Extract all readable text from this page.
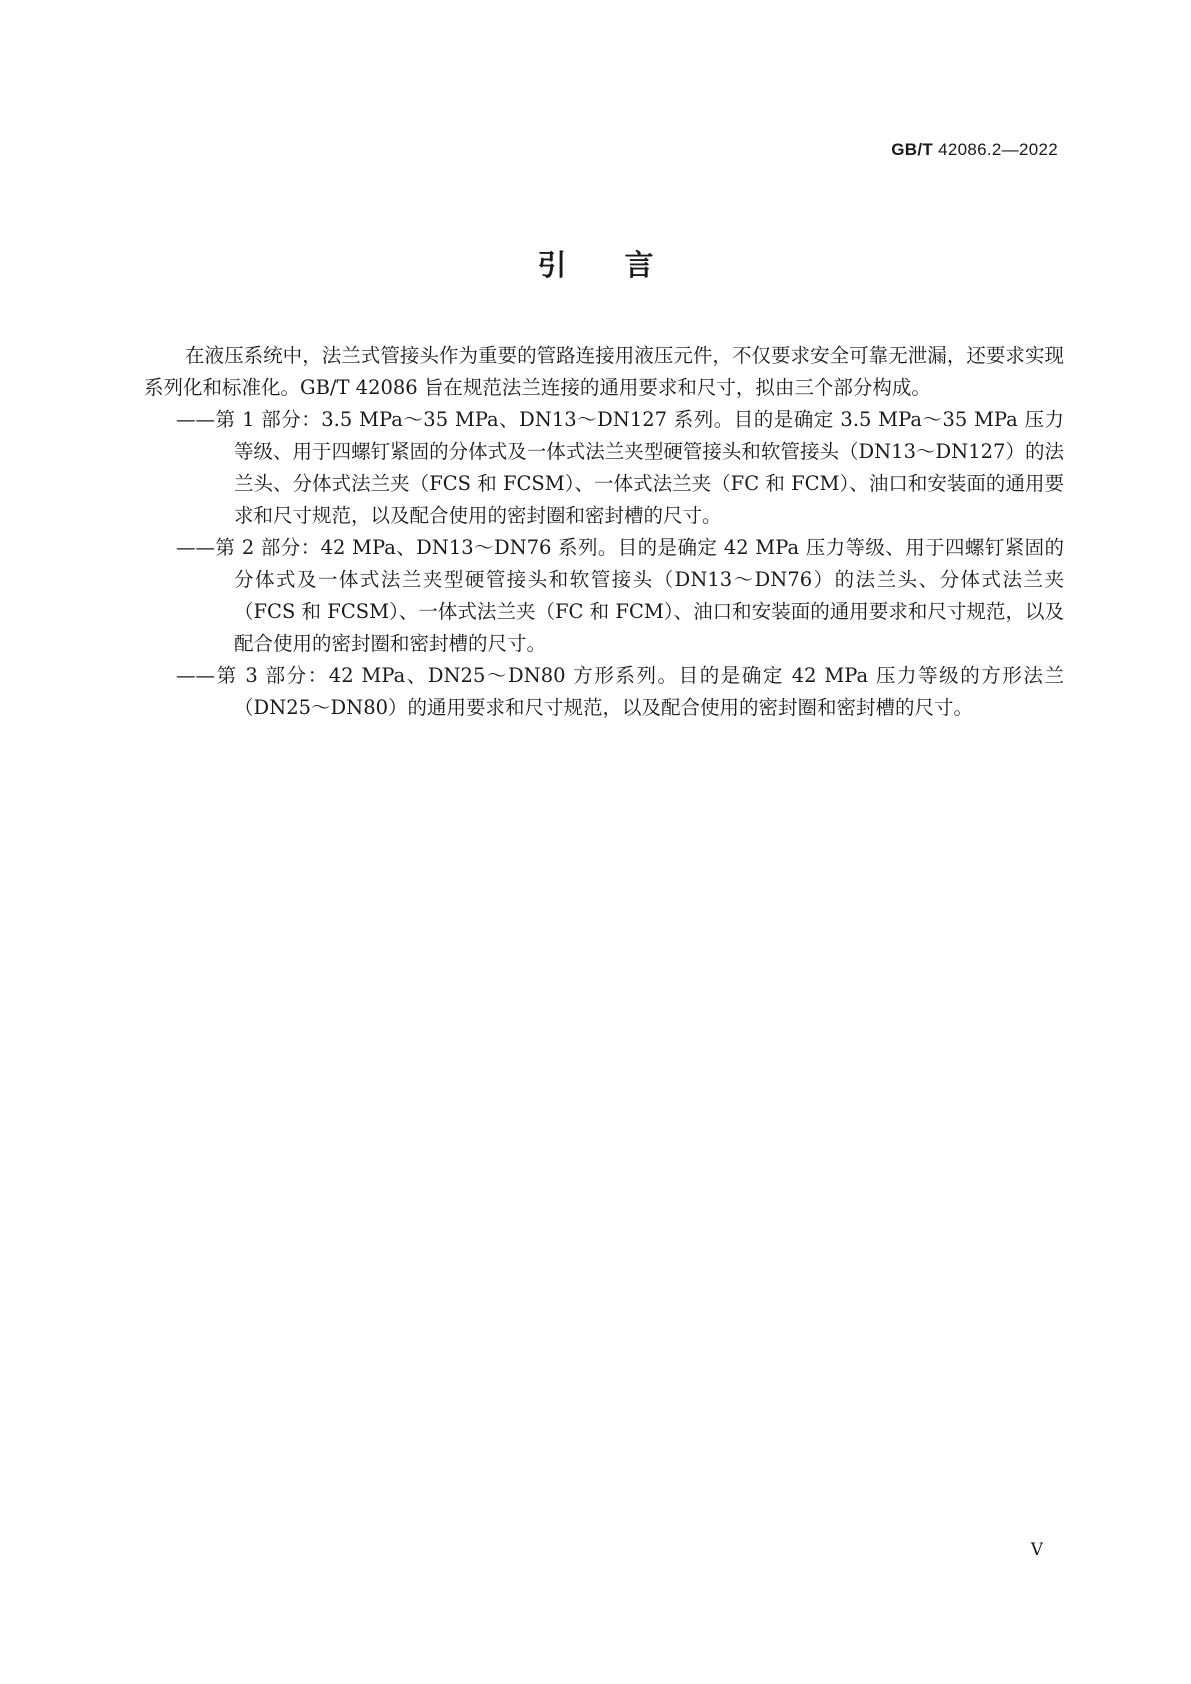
GB/T 42086.2—2022
引言

在液压系统中，法兰式管接头作为重要的管路连接用液压元件，不仅要求安全可靠无泄漏，还要求实现系列化和标准化。GB/T 42086 旨在规范法兰连接的通用要求和尺寸，拟由三个部分构成。

——第 1 部分：3.5 MPa～35 MPa、DN13～DN127 系列。目的是确定 3.5 MPa～35 MPa 压力等级、用于四螺钉紧固的分体式及一体式法兰夹型硬管接头和软管接头（DN13～DN127）的法兰头、分体式法兰夹（FCS 和 FCSM）、一体式法兰夹（FC 和 FCM）、油口和安装面的通用要求和尺寸规范，以及配合使用的密封圈和密封槽的尺寸。

——第 2 部分：42 MPa、DN13～DN76 系列。目的是确定 42 MPa 压力等级、用于四螺钉紧固的分体式及一体式法兰夹型硬管接头和软管接头（DN13～DN76）的法兰头、分体式法兰夹（FCS 和 FCSM）、一体式法兰夹（FC 和 FCM）、油口和安装面的通用要求和尺寸规范，以及配合使用的密封圈和密封槽的尺寸。

——第 3 部分：42 MPa、DN25～DN80 方形系列。目的是确定 42 MPa 压力等级的方形法兰（DN25～DN80）的通用要求和尺寸规范，以及配合使用的密封圈和密封槽的尺寸。

V
